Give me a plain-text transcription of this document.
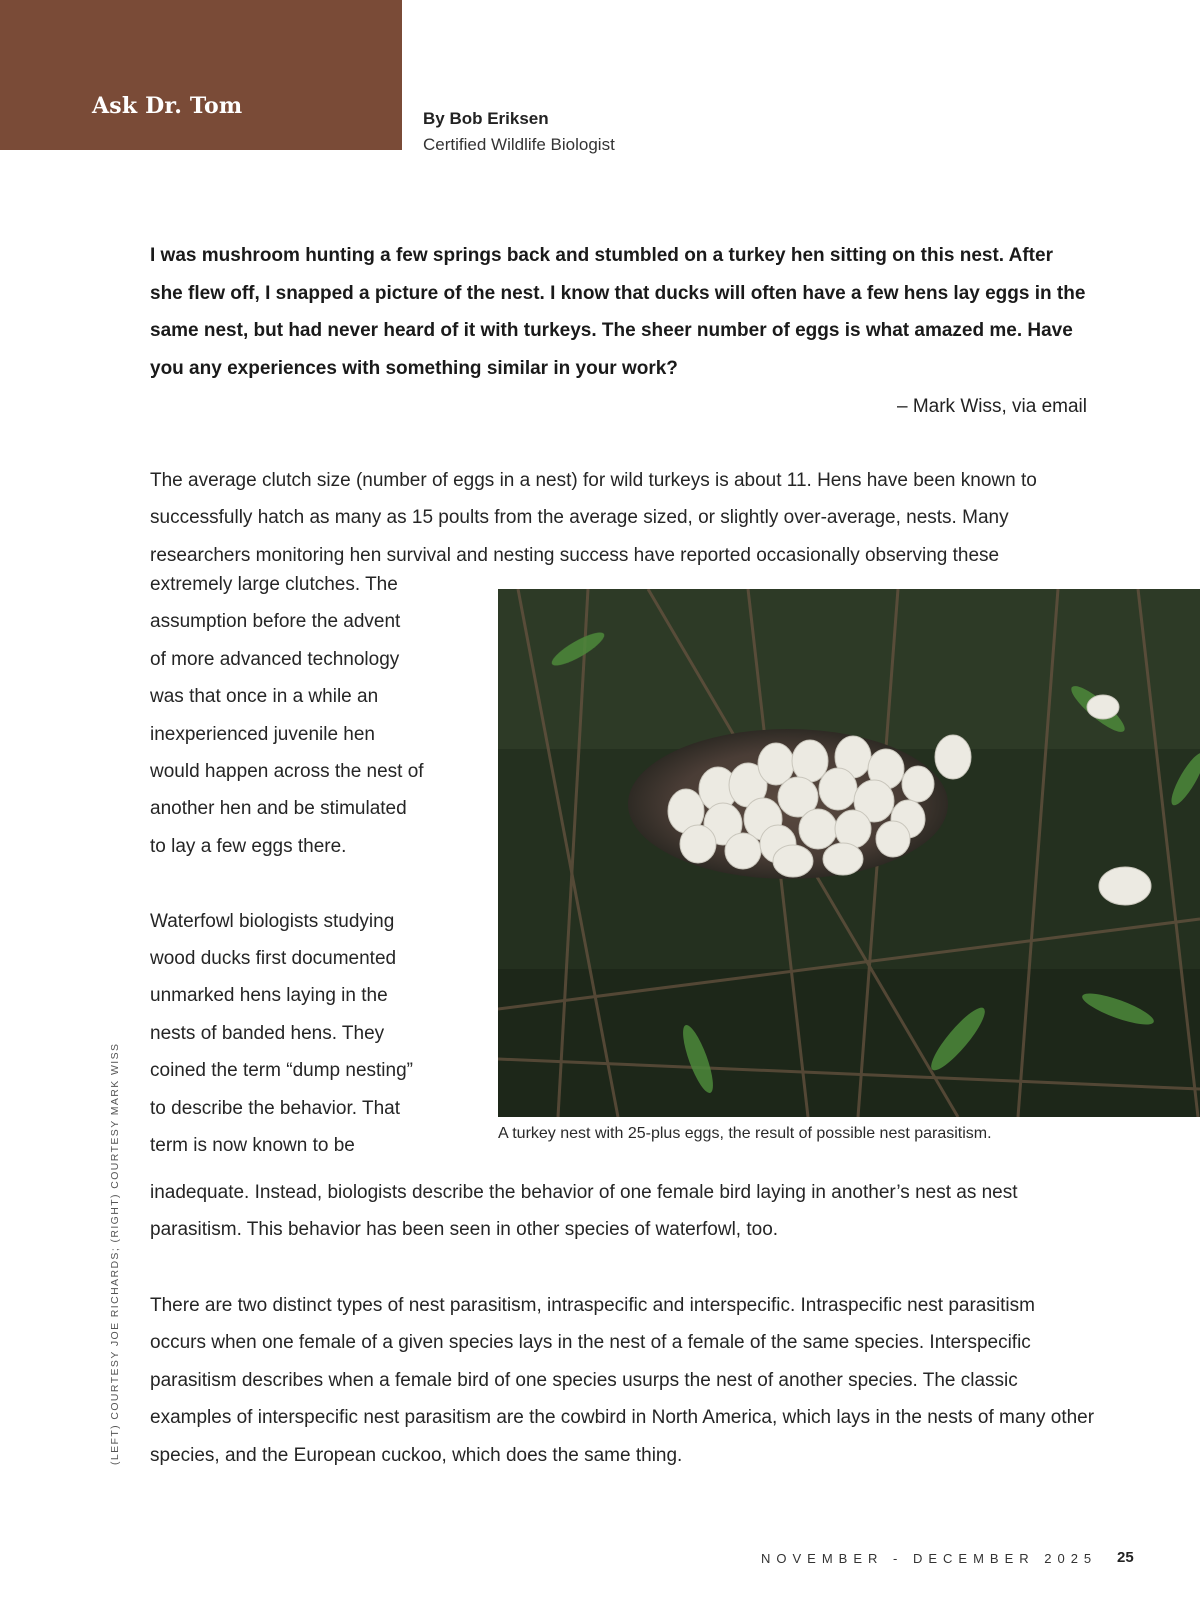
Ask Dr. Tom	By Bob Eriksen
Certified Wildlife Biologist

I was mushroom hunting a few springs back and stumbled on a turkey hen sitting on this nest. After she flew off, I snapped a picture of the nest. I know that ducks will often have a few hens lay eggs in the same nest, but had never heard of it with turkeys. The sheer number of eggs is what amazed me. Have you any experiences with something similar in your work?

– Mark Wiss, via email

The average clutch size (number of eggs in a nest) for wild turkeys is about 11. Hens have been known to successfully hatch as many as 15 poults from the average sized, or slightly over-average, nests. Many researchers monitoring hen survival and nesting success have reported occasionally observing these

extremely large clutches. The
assumption before the advent
of more advanced technology
was that once in a while an
inexperienced juvenile hen
would happen across the nest of
another hen and be stimulated
to lay a few eggs there.
Waterfowl biologists studying
wood ducks first documented
unmarked hens laying in the
nests of banded hens. They
coined the term “dump nesting”
to describe the behavior. That
term is now known to be
A turkey nest with 25-plus eggs, the result of possible nest parasitism.

inadequate. Instead, biologists describe the behavior of one female bird laying in another’s nest as nest parasitism. This behavior has been seen in other species of waterfowl, too.

There are two distinct types of nest parasitism, intraspecific and interspecific. Intraspecific nest parasitism occurs when one female of a given species lays in the nest of a female of the same species. Interspecific parasitism describes when a female bird of one species usurps the nest of another species. The classic examples of interspecific nest parasitism are the cowbird in North America, which lays in the nests of many other species, and the European cuckoo, which does the same thing.

(LEFT) COURTESY JOE RICHARDS; (RIGHT) COURTESY MARK WISS
NOVEMBER - DECEMBER 2025 25
